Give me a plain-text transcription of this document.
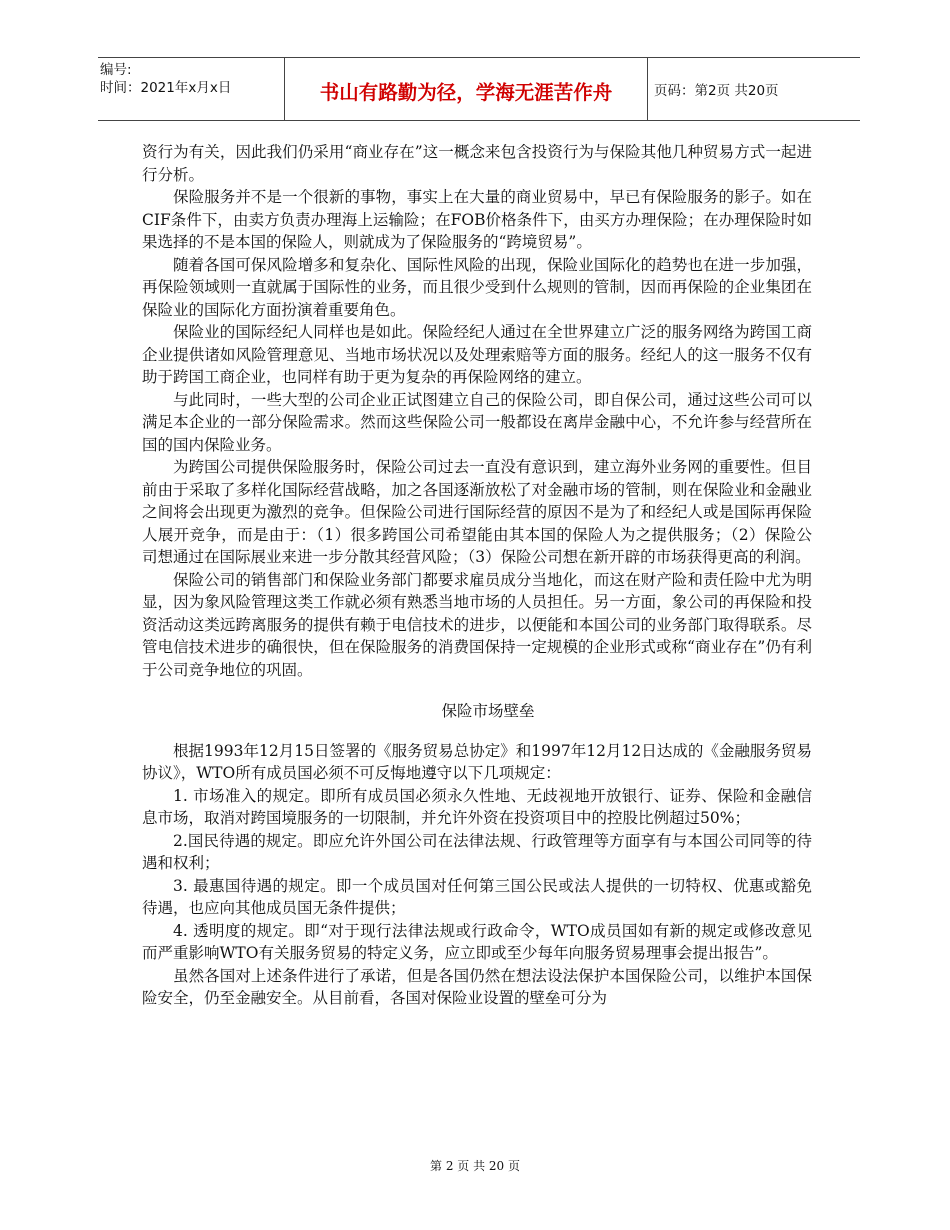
编号:
时间：2021年x月x日	书山有路勤为径，学海无涯苦作舟	页码：第2页 共20页

资行为有关，因此我们仍采用“商业存在”这一概念来包含投资行为与保险其他几种贸易方式一起进行分析。

保险服务并不是一个很新的事物，事实上在大量的商业贸易中，早已有保险服务的影子。如在CIF条件下，由卖方负责办理海上运输险；在FOB价格条件下，由买方办理保险；在办理保险时如果选择的不是本国的保险人，则就成为了保险服务的“跨境贸易”。

随着各国可保风险增多和复杂化、国际性风险的出现，保险业国际化的趋势也在进一步加强，再保险领域则一直就属于国际性的业务，而且很少受到什么规则的管制，因而再保险的企业集团在保险业的国际化方面扮演着重要角色。

保险业的国际经纪人同样也是如此。保险经纪人通过在全世界建立广泛的服务网络为跨国工商企业提供诸如风险管理意见、当地市场状况以及处理索赔等方面的服务。经纪人的这一服务不仅有助于跨国工商企业，也同样有助于更为复杂的再保险网络的建立。

与此同时，一些大型的公司企业正试图建立自己的保险公司，即自保公司，通过这些公司可以满足本企业的一部分保险需求。然而这些保险公司一般都设在离岸金融中心，不允许参与经营所在国的国内保险业务。

为跨国公司提供保险服务时，保险公司过去一直没有意识到，建立海外业务网的重要性。但目前由于采取了多样化国际经营战略，加之各国逐渐放松了对金融市场的管制，则在保险业和金融业之间将会出现更为激烈的竞争。但保险公司进行国际经营的原因不是为了和经纪人或是国际再保险人展开竞争，而是由于：（1）很多跨国公司希望能由其本国的保险人为之提供服务；（2）保险公司想通过在国际展业来进一步分散其经营风险；（3）保险公司想在新开辟的市场获得更高的利润。

保险公司的销售部门和保险业务部门都要求雇员成分当地化，而这在财产险和责任险中尤为明显，因为象风险管理这类工作就必须有熟悉当地市场的人员担任。另一方面，象公司的再保险和投资活动这类远跨离服务的提供有赖于电信技术的进步，以便能和本国公司的业务部门取得联系。尽管电信技术进步的确很快，但在保险服务的消费国保持一定规模的企业形式或称“商业存在”仍有利于公司竞争地位的巩固。

保险市场壁垒

根据1993年12月15日签署的《服务贸易总协定》和1997年12月12日达成的《金融服务贸易协议》，WTO所有成员国必须不可反悔地遵守以下几项规定：

1. 市场准入的规定。即所有成员国必须永久性地、无歧视地开放银行、证券、保险和金融信息市场，取消对跨国境服务的一切限制，并允许外资在投资项目中的控股比例超过50%；

2.国民待遇的规定。即应允许外国公司在法律法规、行政管理等方面享有与本国公司同等的待遇和权利；

3. 最惠国待遇的规定。即一个成员国对任何第三国公民或法人提供的一切特权、优惠或豁免待遇，也应向其他成员国无条件提供；

4. 透明度的规定。即“对于现行法律法规或行政命令，WTO成员国如有新的规定或修改意见而严重影响WTO有关服务贸易的特定义务，应立即或至少每年向服务贸易理事会提出报告”。

虽然各国对上述条件进行了承诺，但是各国仍然在想法设法保护本国保险公司，以维护本国保险安全，仍至金融安全。从目前看，各国对保险业设置的壁垒可分为

第 2 页 共 20 页
